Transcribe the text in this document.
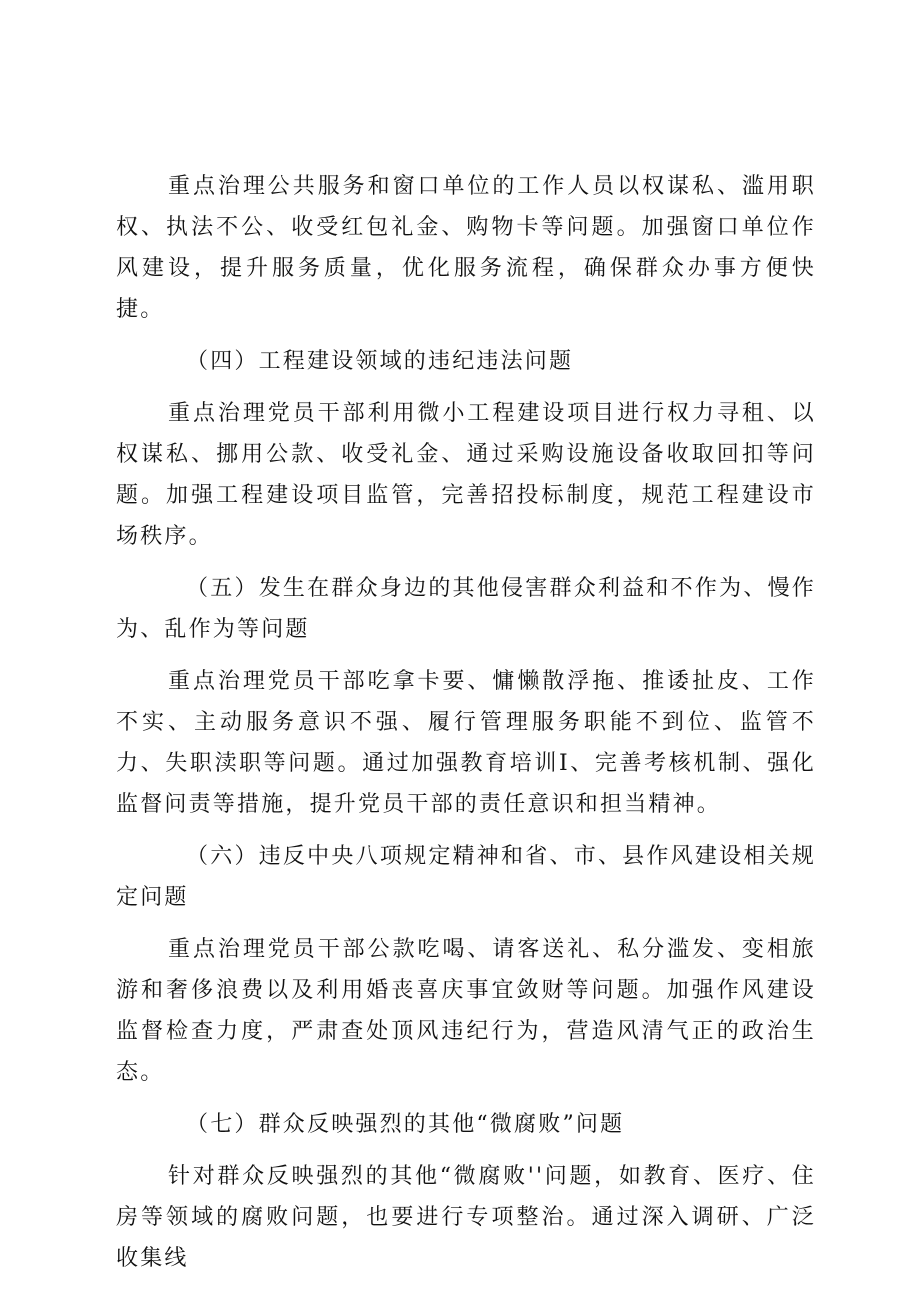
重点治理公共服务和窗口单位的工作人员以权谋私、滥用职权、执法不公、收受红包礼金、购物卡等问题。加强窗口单位作风建设，提升服务质量，优化服务流程，确保群众办事方便快捷。

（四）工程建设领域的违纪违法问题

重点治理党员干部利用微小工程建设项目进行权力寻租、以权谋私、挪用公款、收受礼金、通过采购设施设备收取回扣等问题。加强工程建设项目监管，完善招投标制度，规范工程建设市场秩序。

（五）发生在群众身边的其他侵害群众利益和不作为、慢作为、乱作为等问题

重点治理党员干部吃拿卡要、慵懒散浮拖、推诿扯皮、工作不实、主动服务意识不强、履行管理服务职能不到位、监管不力、失职渎职等问题。通过加强教育培训I、完善考核机制、强化监督问责等措施，提升党员干部的责任意识和担当精神。

（六）违反中央八项规定精神和省、市、县作风建设相关规定问题

重点治理党员干部公款吃喝、请客送礼、私分滥发、变相旅游和奢侈浪费以及利用婚丧喜庆事宜敛财等问题。加强作风建设监督检查力度，严肃查处顶风违纪行为，营造风清气正的政治生态。

（七）群众反映强烈的其他“微腐败”问题

针对群众反映强烈的其他“微腐败''问题，如教育、医疗、住房等领域的腐败问题，也要进行专项整治。通过深入调研、广泛收集线
